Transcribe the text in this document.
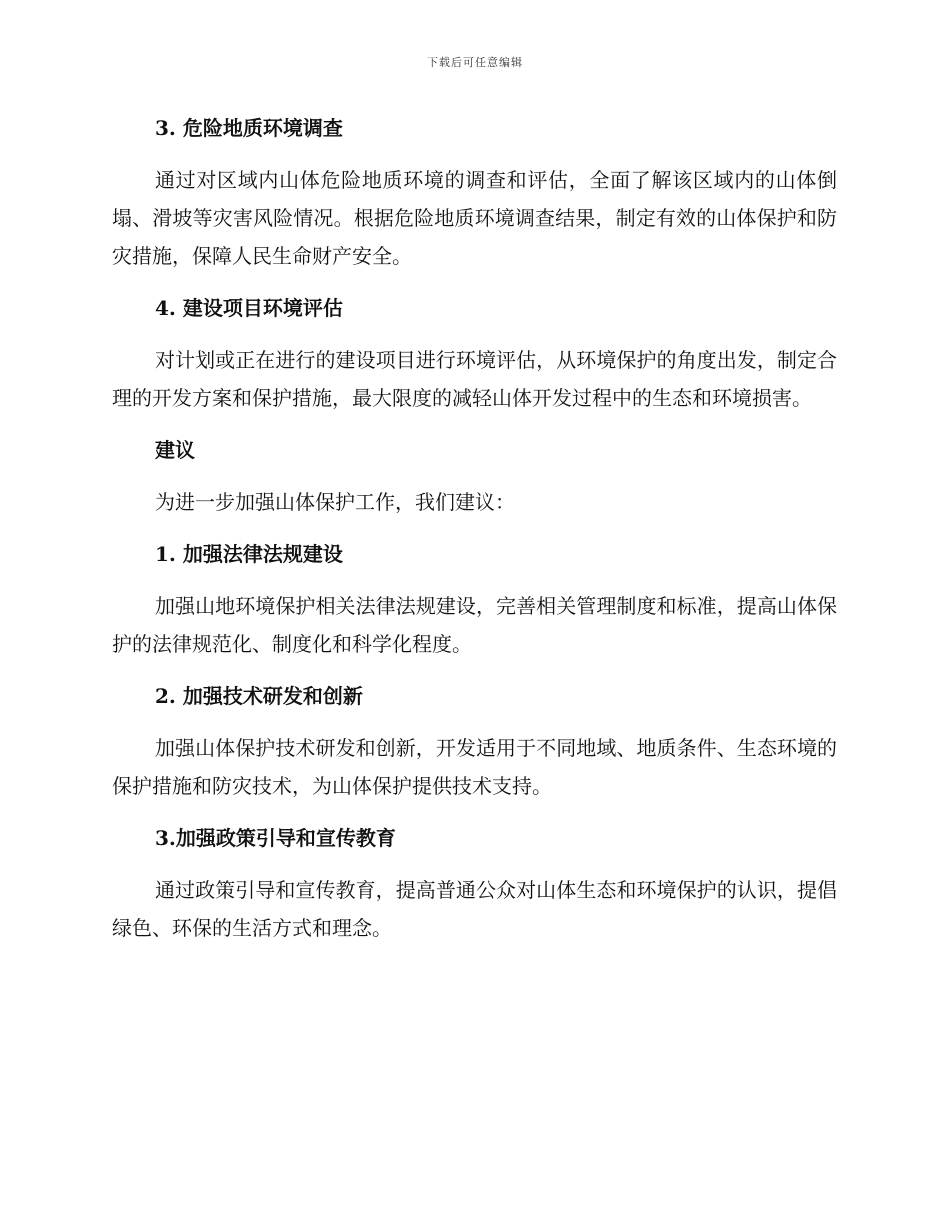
下载后可任意编辑
3. 危险地质环境调查

通过对区域内山体危险地质环境的调查和评估，全面了解该区域内的山体倒塌、滑坡等灾害风险情况。根据危险地质环境调查结果，制定有效的山体保护和防灾措施，保障人民生命财产安全。

4. 建设项目环境评估

对计划或正在进行的建设项目进行环境评估，从环境保护的角度出发，制定合理的开发方案和保护措施，最大限度的减轻山体开发过程中的生态和环境损害。

建议

为进一步加强山体保护工作，我们建议：

1. 加强法律法规建设

加强山地环境保护相关法律法规建设，完善相关管理制度和标准，提高山体保护的法律规范化、制度化和科学化程度。

2. 加强技术研发和创新

加强山体保护技术研发和创新，开发适用于不同地域、地质条件、生态环境的保护措施和防灾技术，为山体保护提供技术支持。

3.加强政策引导和宣传教育

通过政策引导和宣传教育，提高普通公众对山体生态和环境保护的认识，提倡绿色、环保的生活方式和理念。
